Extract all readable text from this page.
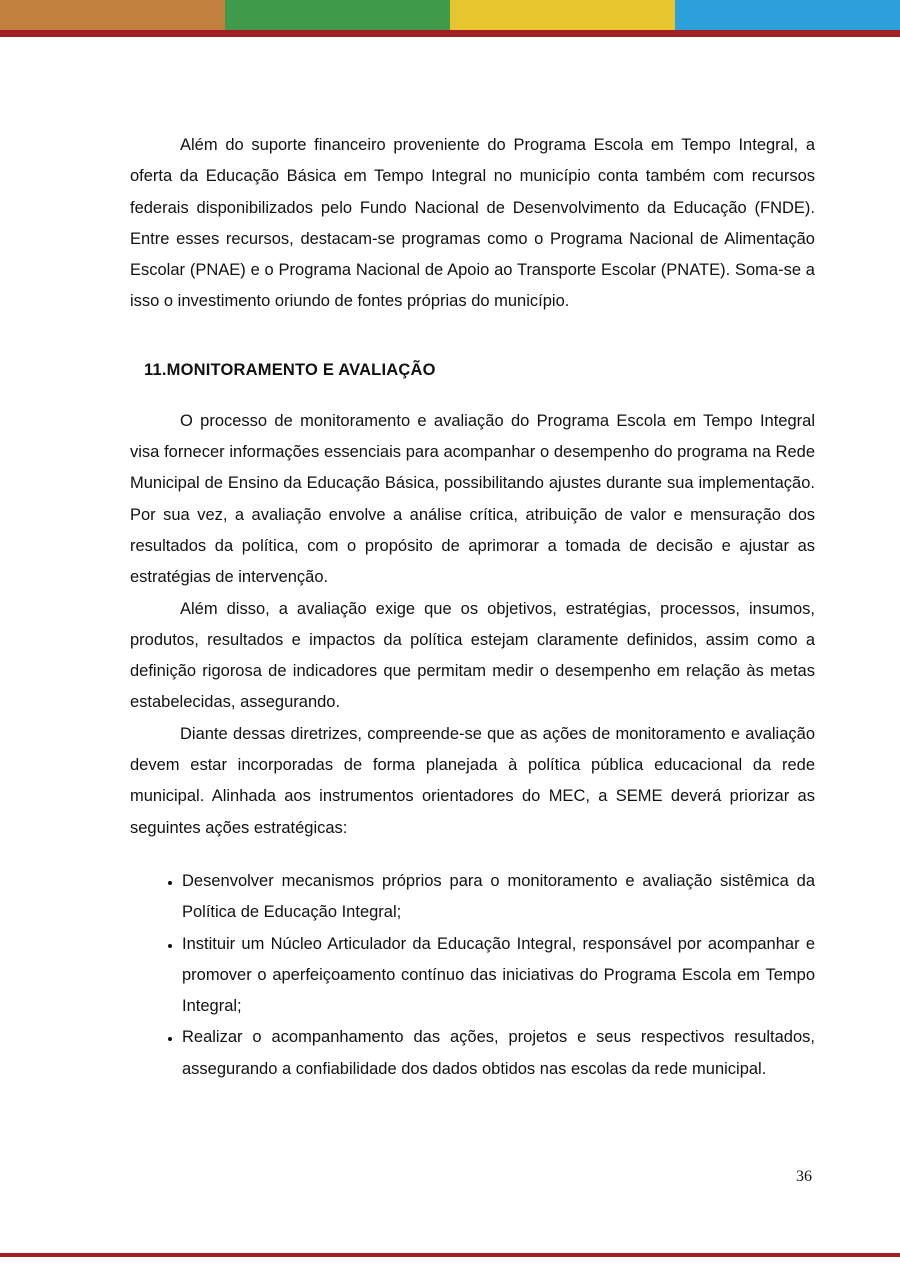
Além do suporte financeiro proveniente do Programa Escola em Tempo Integral, a oferta da Educação Básica em Tempo Integral no município conta também com recursos federais disponibilizados pelo Fundo Nacional de Desenvolvimento da Educação (FNDE). Entre esses recursos, destacam-se programas como o Programa Nacional de Alimentação Escolar (PNAE) e o Programa Nacional de Apoio ao Transporte Escolar (PNATE). Soma-se a isso o investimento oriundo de fontes próprias do município.

11.MONITORAMENTO E AVALIAÇÃO

O processo de monitoramento e avaliação do Programa Escola em Tempo Integral visa fornecer informações essenciais para acompanhar o desempenho do programa na Rede Municipal de Ensino da Educação Básica, possibilitando ajustes durante sua implementação. Por sua vez, a avaliação envolve a análise crítica, atribuição de valor e mensuração dos resultados da política, com o propósito de aprimorar a tomada de decisão e ajustar as estratégias de intervenção.

Além disso, a avaliação exige que os objetivos, estratégias, processos, insumos, produtos, resultados e impactos da política estejam claramente definidos, assim como a definição rigorosa de indicadores que permitam medir o desempenho em relação às metas estabelecidas, assegurando.

Diante dessas diretrizes, compreende-se que as ações de monitoramento e avaliação devem estar incorporadas de forma planejada à política pública educacional da rede municipal. Alinhada aos instrumentos orientadores do MEC, a SEME deverá priorizar as seguintes ações estratégicas:

• Desenvolver mecanismos próprios para o monitoramento e avaliação sistêmica da Política de Educação Integral;
• Instituir um Núcleo Articulador da Educação Integral, responsável por acompanhar e promover o aperfeiçoamento contínuo das iniciativas do Programa Escola em Tempo Integral;
• Realizar o acompanhamento das ações, projetos e seus respectivos resultados, assegurando a confiabilidade dos dados obtidos nas escolas da rede municipal.
36
